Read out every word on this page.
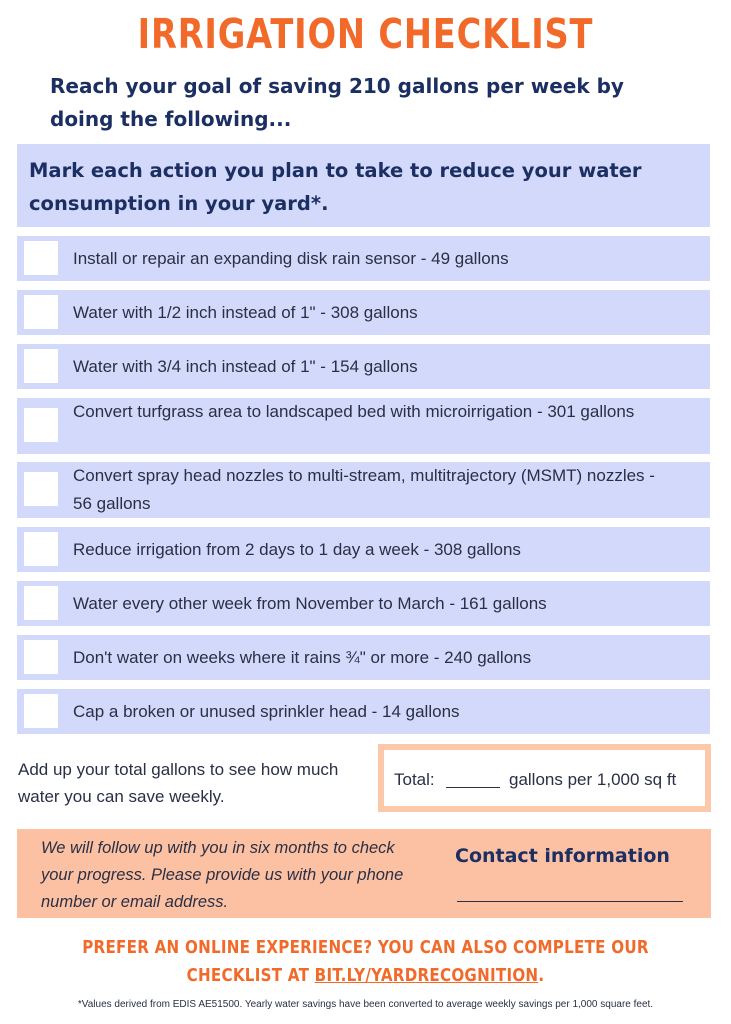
IRRIGATION CHECKLIST
Reach your goal of saving 210 gallons per week by doing the following...
Mark each action you plan to take to reduce your water consumption in your yard*.
Install or repair an expanding disk rain sensor - 49 gallons
Water with 1/2 inch instead of 1" - 308 gallons
Water with 3/4 inch instead of 1" - 154 gallons
Convert turfgrass area to landscaped bed with microirrigation - 301 gallons
Convert spray head nozzles to multi-stream, multitrajectory (MSMT) nozzles - 56 gallons
Reduce irrigation from 2 days to 1 day a week - 308 gallons
Water every other week from November to March - 161 gallons
Don't water on weeks where it rains ¾" or more - 240 gallons
Cap a broken or unused sprinkler head - 14 gallons
Add up your total gallons to see how much water you can save weekly.
Total:	gallons per 1,000 sq ft
We will follow up with you in six months to check your progress. Please provide us with your phone number or email address.
Contact information
PREFER AN ONLINE EXPERIENCE? YOU CAN ALSO COMPLETE OUR CHECKLIST AT BIT.LY/YARDRECOGNITION.
*Values derived from EDIS AE51500. Yearly water savings have been converted to average weekly savings per 1,000 square feet.
